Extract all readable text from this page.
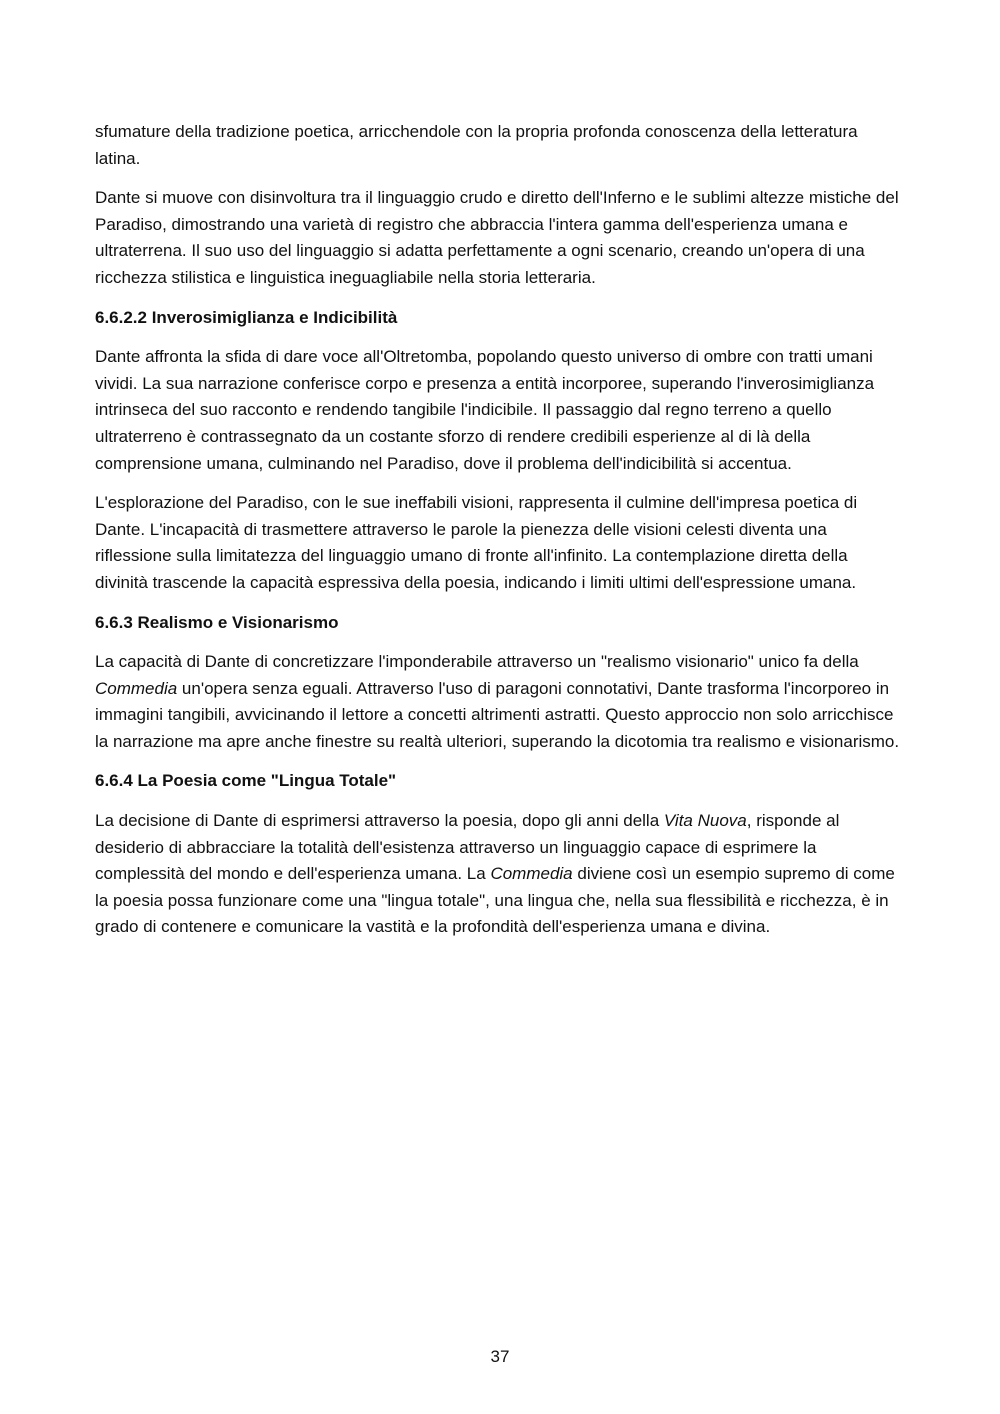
sfumature della tradizione poetica, arricchendole con la propria profonda conoscenza della letteratura latina.

Dante si muove con disinvoltura tra il linguaggio crudo e diretto dell'Inferno e le sublimi altezze mistiche del Paradiso, dimostrando una varietà di registro che abbraccia l'intera gamma dell'esperienza umana e ultraterrena. Il suo uso del linguaggio si adatta perfettamente a ogni scenario, creando un'opera di una ricchezza stilistica e linguistica ineguagliabile nella storia letteraria.

6.6.2.2 Inverosimiglianza e Indicibilità

Dante affronta la sfida di dare voce all'Oltretomba, popolando questo universo di ombre con tratti umani vividi. La sua narrazione conferisce corpo e presenza a entità incorporee, superando l'inverosimiglianza intrinseca del suo racconto e rendendo tangibile l'indicibile. Il passaggio dal regno terreno a quello ultraterreno è contrassegnato da un costante sforzo di rendere credibili esperienze al di là della comprensione umana, culminando nel Paradiso, dove il problema dell'indicibilità si accentua.

L'esplorazione del Paradiso, con le sue ineffabili visioni, rappresenta il culmine dell'impresa poetica di Dante. L'incapacità di trasmettere attraverso le parole la pienezza delle visioni celesti diventa una riflessione sulla limitatezza del linguaggio umano di fronte all'infinito. La contemplazione diretta della divinità trascende la capacità espressiva della poesia, indicando i limiti ultimi dell'espressione umana.

6.6.3 Realismo e Visionarismo

La capacità di Dante di concretizzare l'imponderabile attraverso un "realismo visionario" unico fa della Commedia un'opera senza eguali. Attraverso l'uso di paragoni connotativi, Dante trasforma l'incorporeo in immagini tangibili, avvicinando il lettore a concetti altrimenti astratti. Questo approccio non solo arricchisce la narrazione ma apre anche finestre su realtà ulteriori, superando la dicotomia tra realismo e visionarismo.

6.6.4 La Poesia come "Lingua Totale"

La decisione di Dante di esprimersi attraverso la poesia, dopo gli anni della Vita Nuova, risponde al desiderio di abbracciare la totalità dell'esistenza attraverso un linguaggio capace di esprimere la complessità del mondo e dell'esperienza umana. La Commedia diviene così un esempio supremo di come la poesia possa funzionare come una "lingua totale", una lingua che, nella sua flessibilità e ricchezza, è in grado di contenere e comunicare la vastità e la profondità dell'esperienza umana e divina.

37
